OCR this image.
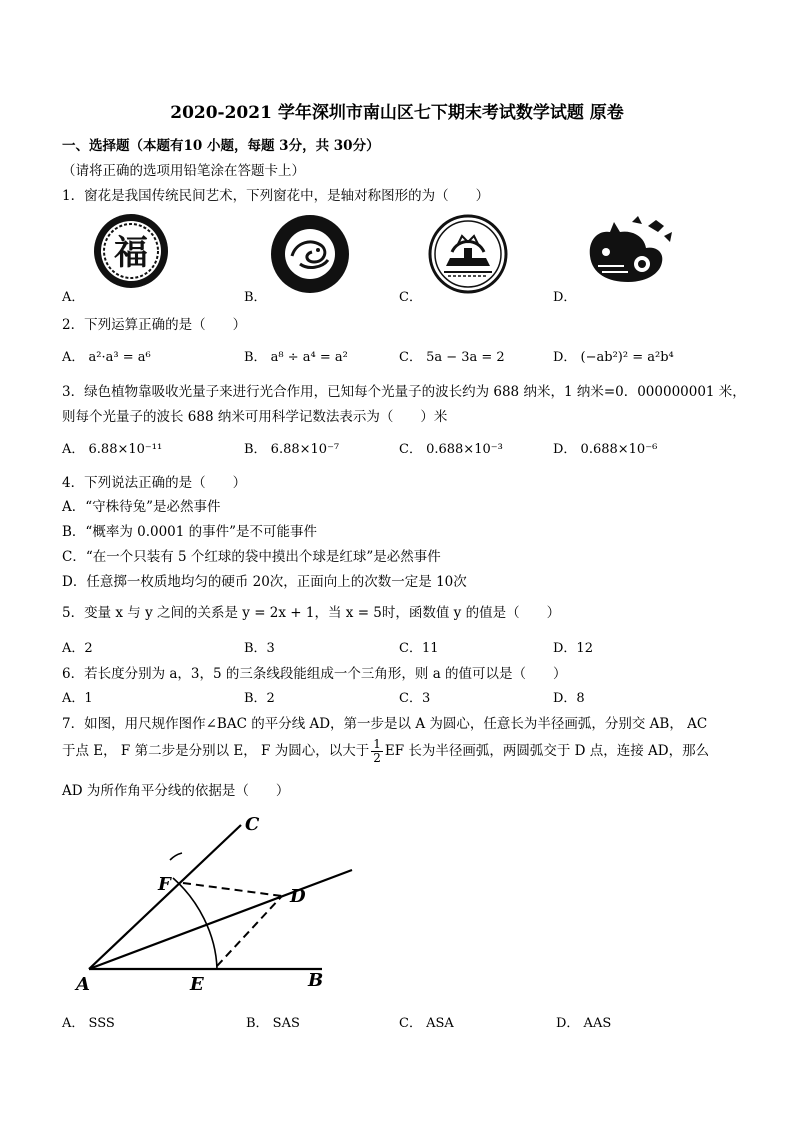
2020-2021 学年深圳市南山区七下期末考试数学试题 原卷
一、选择题（本题有10 小题，每题 3分，共 30分）
（请将正确的选项用铅笔涂在答题卡上）
1．窗花是我国传统民间艺术，下列窗花中，是轴对称图形的为（　　）
福
A．	B．	C．	D．
2．下列运算正确的是（　　）
A． a²·a³ = a⁶	B． a⁸ ÷ a⁴ = a²	C． 5a − 3a = 2	D． (−ab²)² = a²b⁴
3．绿色植物靠吸收光量子来进行光合作用，已知每个光量子的波长约为 688 纳米，1 纳米=0．000000001 米，
则每个光量子的波长 688 纳米可用科学记数法表示为（　　）米
A． 6.88×10⁻¹¹	B． 6.88×10⁻⁷	C． 0.688×10⁻³	D． 0.688×10⁻⁶
4．下列说法正确的是（　　）
A．“守株待兔”是必然事件
B．“概率为 0.0001 的事件”是不可能事件
C．“在一个只装有 5 个红球的袋中摸出个球是红球”是必然事件
D．任意掷一枚质地均匀的硬币 20次，正面向上的次数一定是 10次
5．变量 x 与 y 之间的关系是 y = 2x + 1，当 x = 5时，函数值 y 的值是（　　）
A．2	B．3	C．11	D．12
6．若长度分别为 a，3，5 的三条线段能组成一个三角形，则 a 的值可以是（　　）
A．1	B．2	C．3	D．8
7．如图，用尺规作图作∠BAC 的平分线 AD，第一步是以 A 为圆心，任意长为半径画弧，分别交 AB， AC
于点 E， F 第二步是分别以 E， F 为圆心，以大于 $\frac{1}{2}$ EF 长为半径画弧，两圆弧交于 D 点，连接 AD，那么
AD 为所作角平分线的依据是（　　）
C
F
D
A	E	B
A． SSS	B． SAS	C． ASA	D． AAS
